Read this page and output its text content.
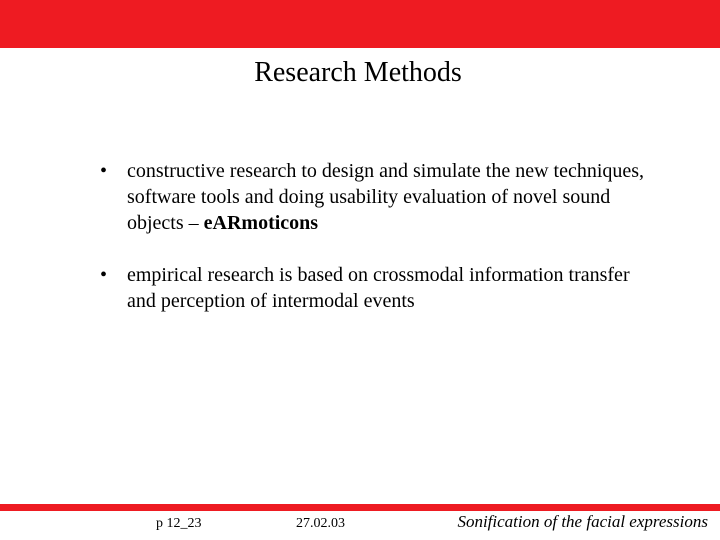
Research Methods
• constructive research to design and simulate the new techniques, software tools and doing usability evaluation of novel sound objects – eARmoticons
• empirical research is based on crossmodal information transfer and perception of intermodal events
p 12_23	27.02.03	Sonification of the facial expressions
